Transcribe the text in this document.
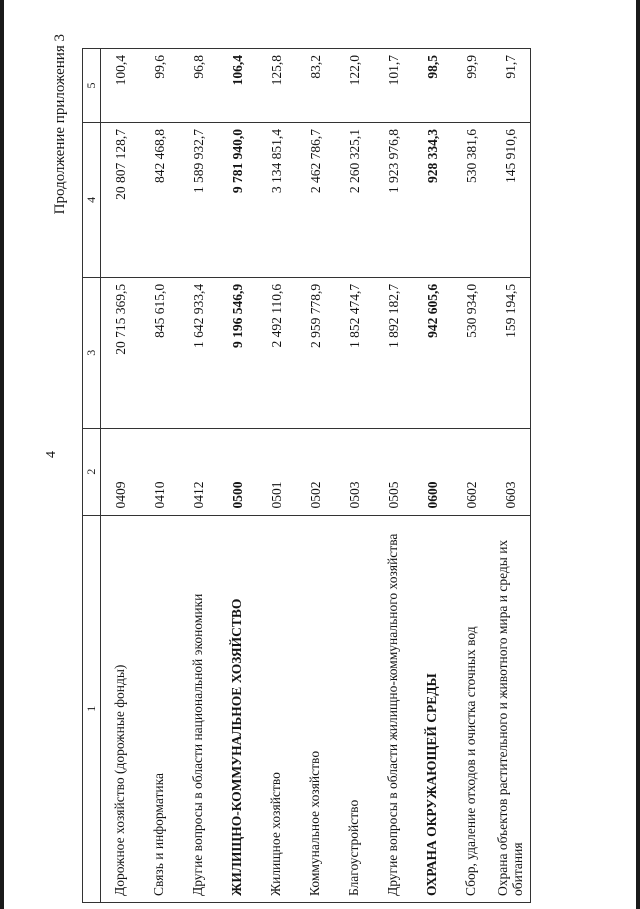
4
Продолжение приложения 3
1	2	3	4	5
Дорожное хозяйство (дорожные фонды)	0409	20 715 369,5	20 807 128,7	100,4
Связь и информатика	0410	845 615,0	842 468,8	99,6
Другие вопросы в области национальной экономики	0412	1 642 933,4	1 589 932,7	96,8
ЖИЛИЩНО-КОММУНАЛЬНОЕ ХОЗЯЙСТВО	0500	9 196 546,9	9 781 940,0	106,4
Жилищное хозяйство	0501	2 492 110,6	3 134 851,4	125,8
Коммунальное хозяйство	0502	2 959 778,9	2 462 786,7	83,2
Благоустройство	0503	1 852 474,7	2 260 325,1	122,0
Другие вопросы в области жилищно-коммунального хозяйства	0505	1 892 182,7	1 923 976,8	101,7
ОХРАНА ОКРУЖАЮЩЕЙ СРЕДЫ	0600	942 605,6	928 334,3	98,5
Сбор, удаление отходов и очистка сточных вод	0602	530 934,0	530 381,6	99,9
Охрана объектов растительного и животного мира и среды их обитания	0603	159 194,5	145 910,6	91,7
